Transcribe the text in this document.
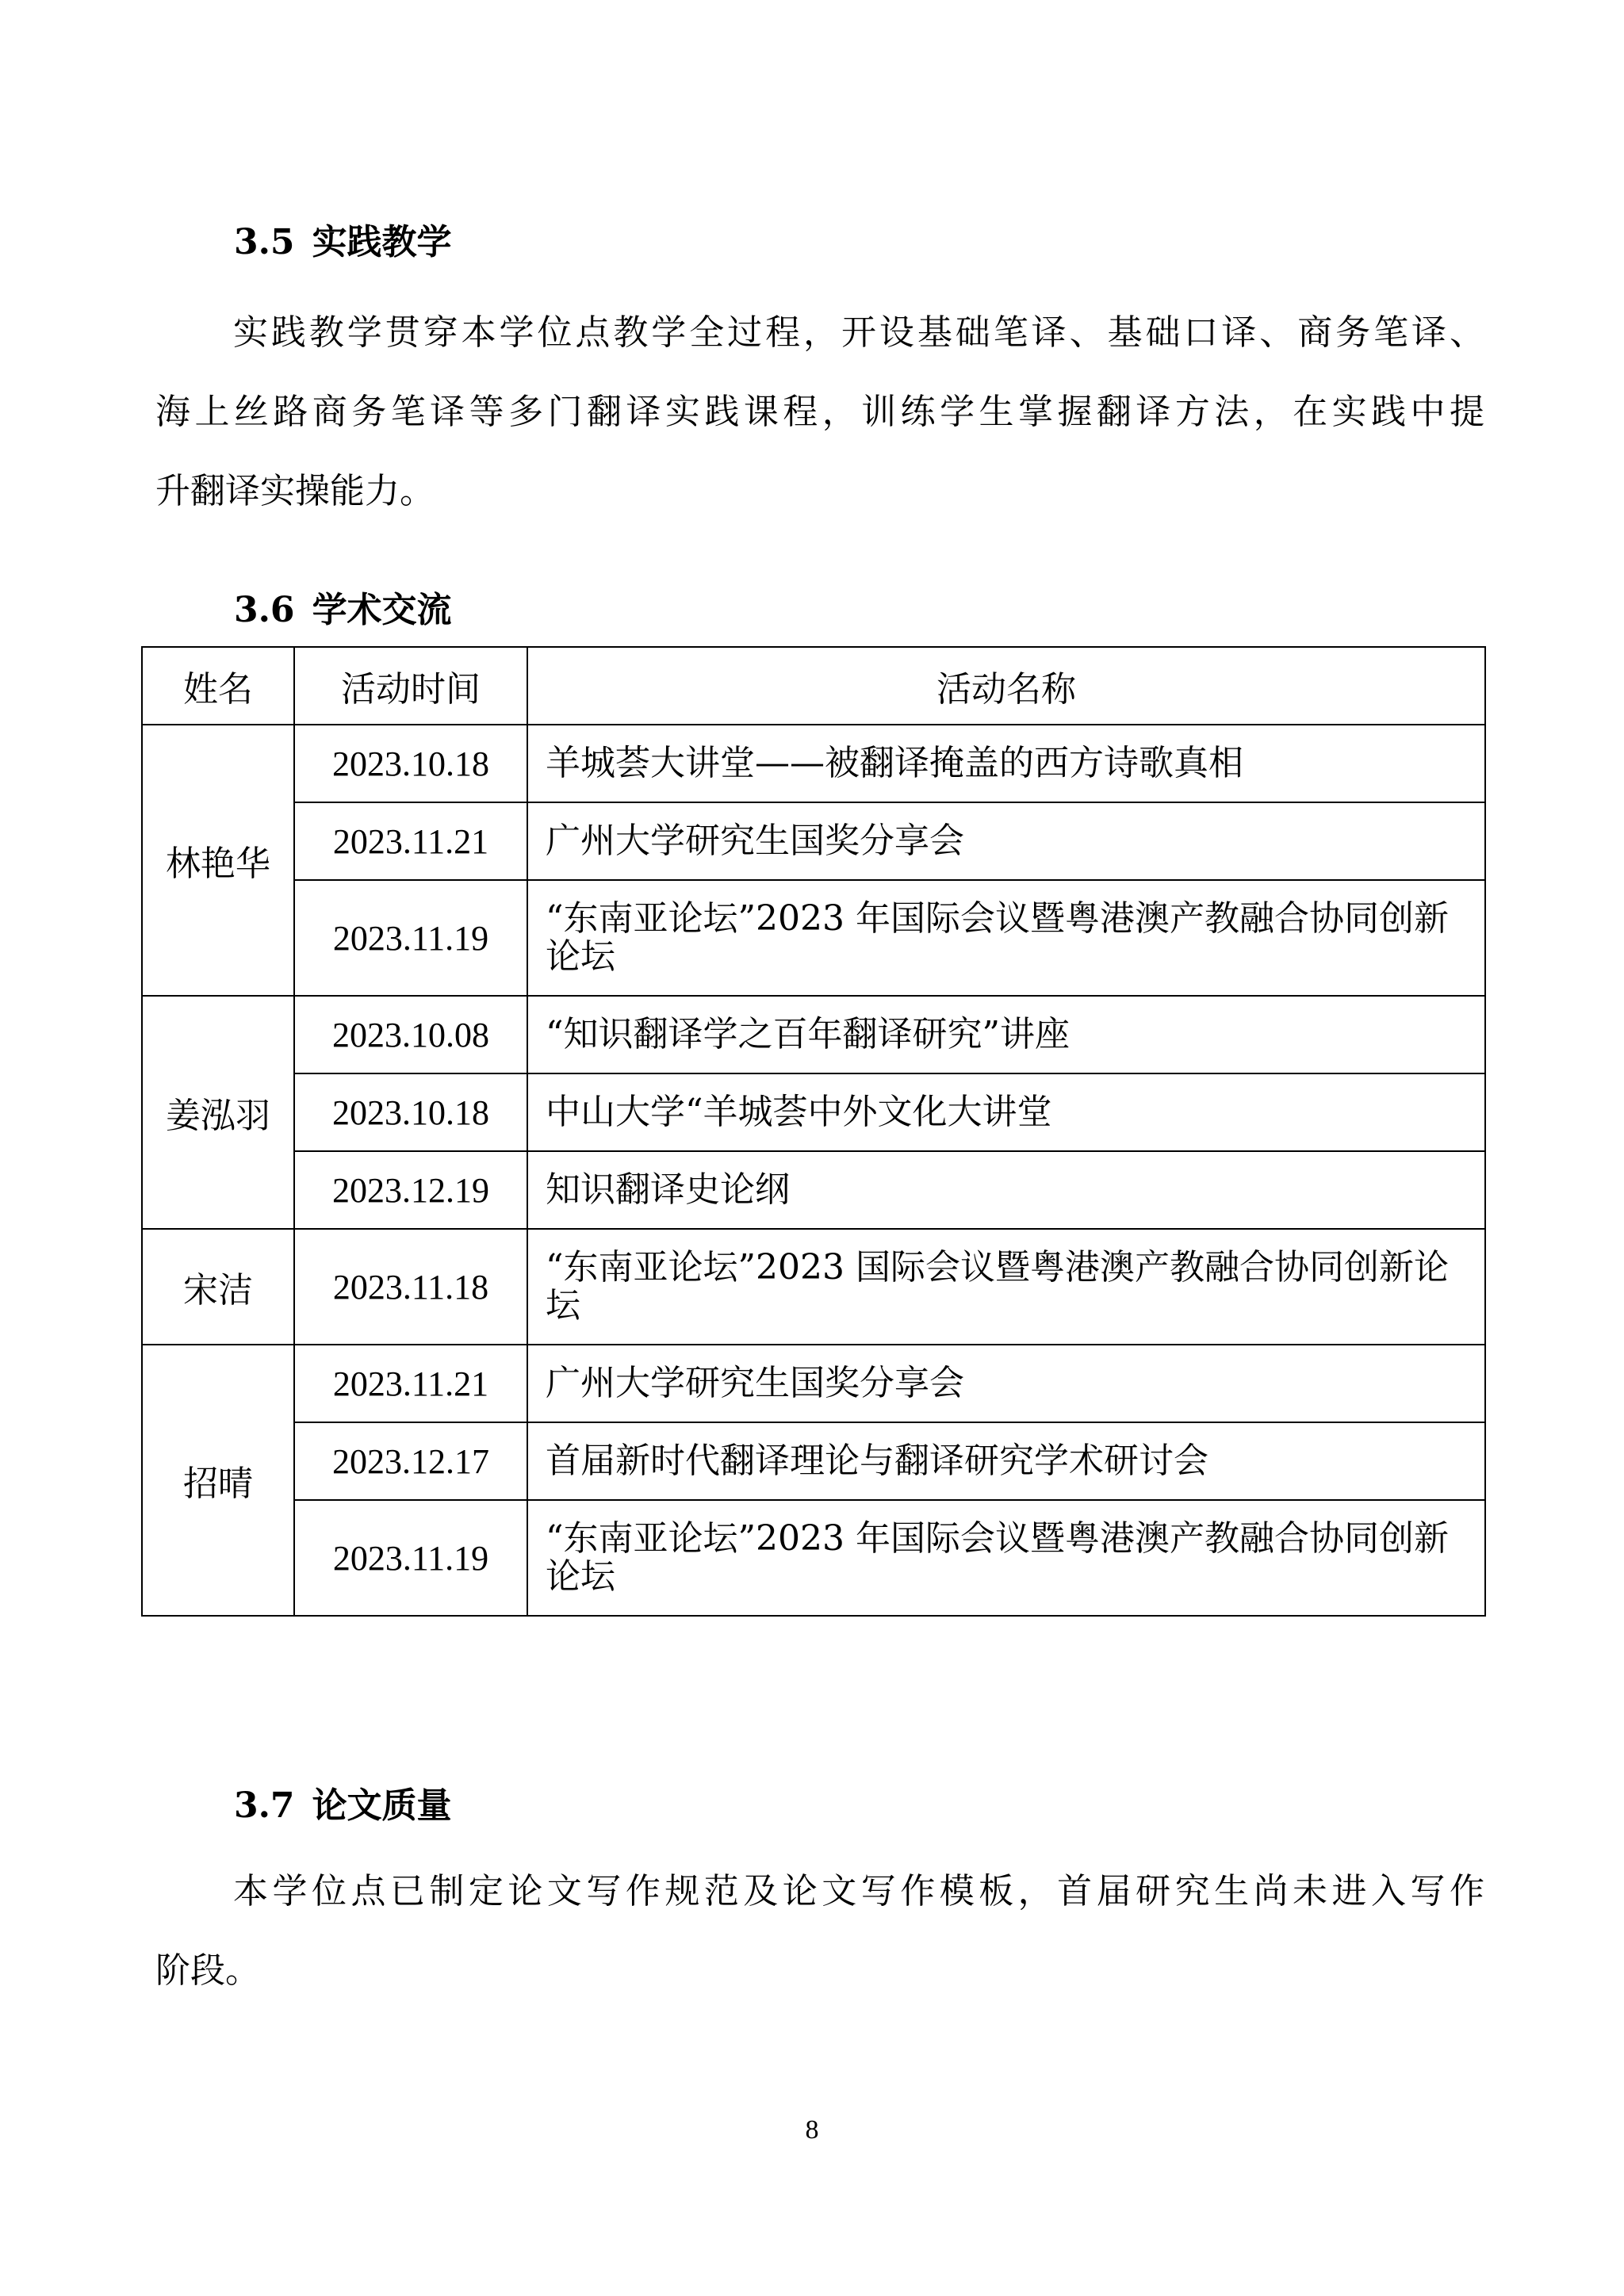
3.5 实践教学
实践教学贯穿本学位点教学全过程，开设基础笔译、基础口译、商务笔译、
海上丝路商务笔译等多门翻译实践课程，训练学生掌握翻译方法，在实践中提
升翻译实操能力。
3.6 学术交流
姓名	活动时间	活动名称
林艳华	2023.10.18	羊城荟大讲堂——被翻译掩盖的西方诗歌真相

	2023.11.21	广州大学研究生国奖分享会

	2023.11.19	“东南亚论坛”2023 年国际会议暨粤港澳产教融合协同创新论坛

姜泓羽	2023.10.08	“知识翻译学之百年翻译研究”讲座

	2023.10.18	中山大学“羊城荟中外文化大讲堂

	2023.12.19	知识翻译史论纲

宋洁	2023.11.18	“东南亚论坛”2023 国际会议暨粤港澳产教融合协同创新论坛

招晴	2023.11.21	广州大学研究生国奖分享会

	2023.12.17	首届新时代翻译理论与翻译研究学术研讨会

	2023.11.19	“东南亚论坛”2023 年国际会议暨粤港澳产教融合协同创新论坛
3.7 论文质量
本学位点已制定论文写作规范及论文写作模板，首届研究生尚未进入写作
阶段。
8
